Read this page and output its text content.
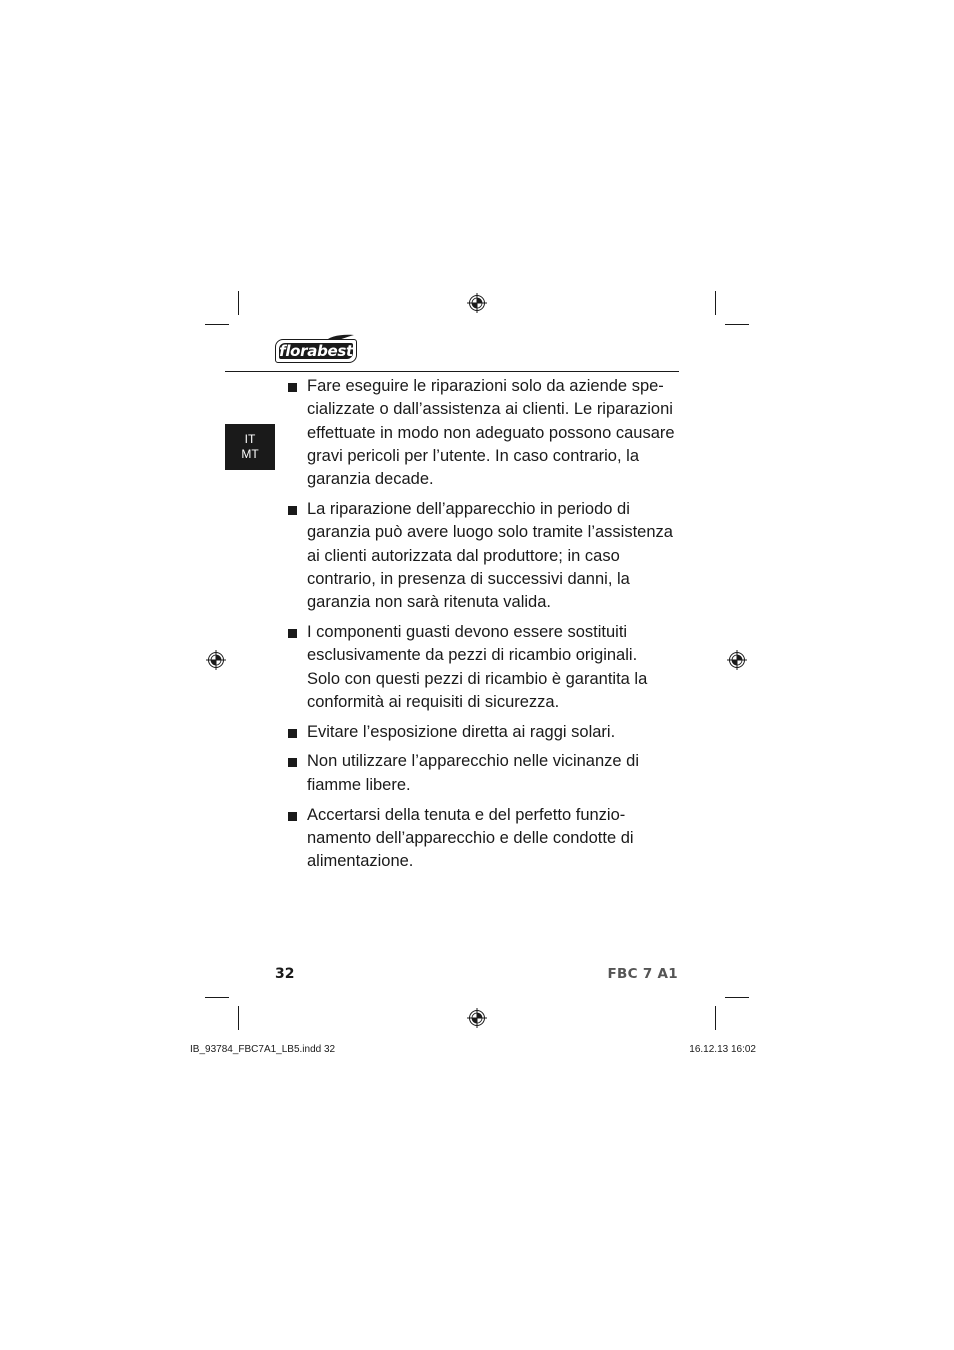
florabest
IT
MT
Fare eseguire le riparazioni solo da aziende spe-
cializzate o dall’assistenza ai clienti. Le riparazioni
effettuate in modo non adeguato possono causare
gravi pericoli per l’utente. In caso contrario, la
garanzia decade.
La riparazione dell’apparecchio in periodo di
garanzia può avere luogo solo tramite l’assistenza
ai clienti autorizzata dal produttore; in caso
contrario, in presenza di successivi danni, la
garanzia non sarà ritenuta valida.
I componenti guasti devono essere sostituiti
esclusivamente da pezzi di ricambio originali.
Solo con questi pezzi di ricambio è garantita la
conformità ai requisiti di sicurezza.
Evitare l’esposizione diretta ai raggi solari.
Non utilizzare l’apparecchio nelle vicinanze di
fiamme libere.
Accertarsi della tenuta e del perfetto funzio-
namento dell’apparecchio e delle condotte di
alimentazione.
32	FBC 7 A1
IB_93784_FBC7A1_LB5.indd 32	16.12.13 16:02
